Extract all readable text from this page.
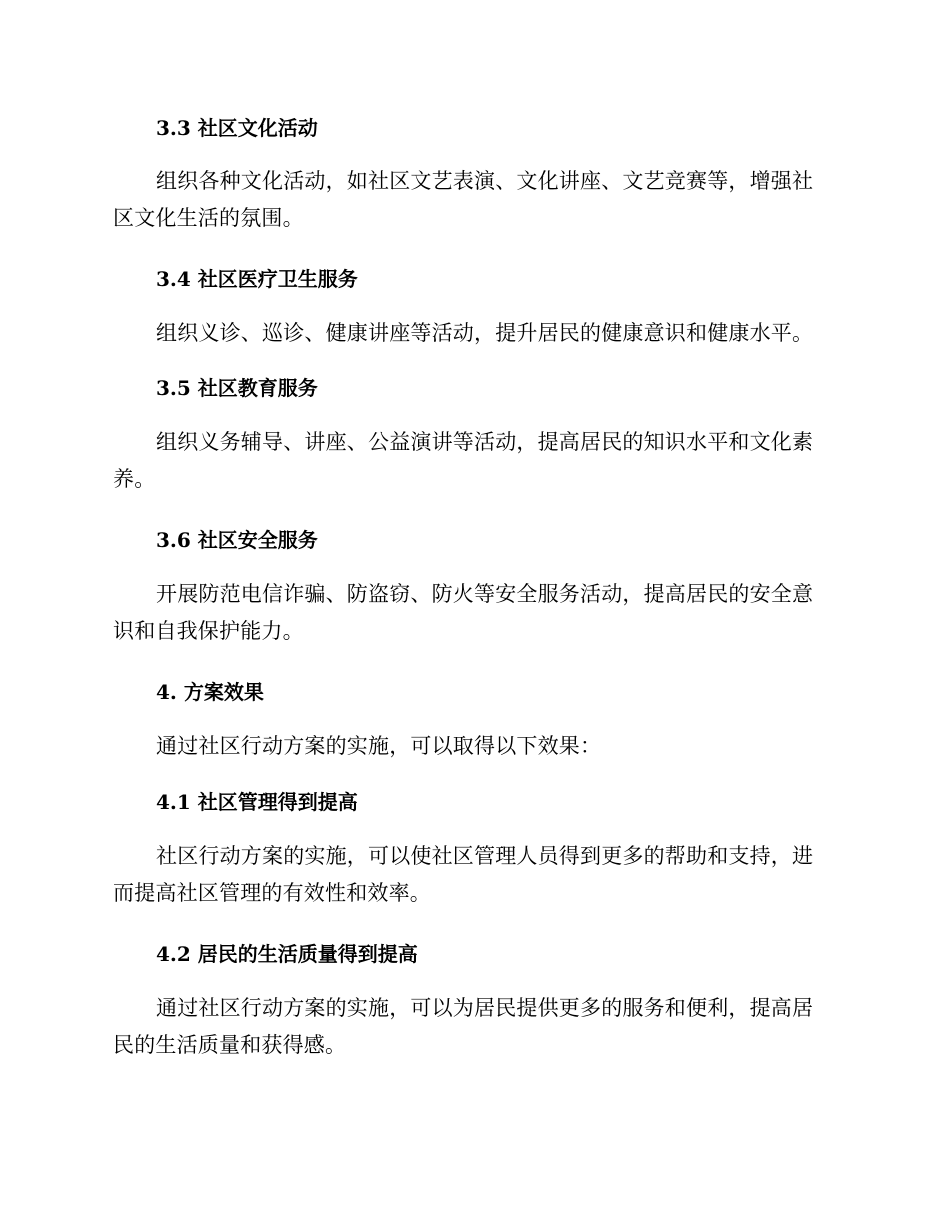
3.3 社区文化活动
组织各种文化活动，如社区文艺表演、文化讲座、文艺竞赛等，增强社区文化生活的氛围。
3.4 社区医疗卫生服务
组织义诊、巡诊、健康讲座等活动，提升居民的健康意识和健康水平。
3.5 社区教育服务
组织义务辅导、讲座、公益演讲等活动，提高居民的知识水平和文化素养。
3.6 社区安全服务
开展防范电信诈骗、防盗窃、防火等安全服务活动，提高居民的安全意识和自我保护能力。
4. 方案效果
通过社区行动方案的实施，可以取得以下效果：
4.1 社区管理得到提高
社区行动方案的实施，可以使社区管理人员得到更多的帮助和支持，进而提高社区管理的有效性和效率。
4.2 居民的生活质量得到提高
通过社区行动方案的实施，可以为居民提供更多的服务和便利，提高居民的生活质量和获得感。
